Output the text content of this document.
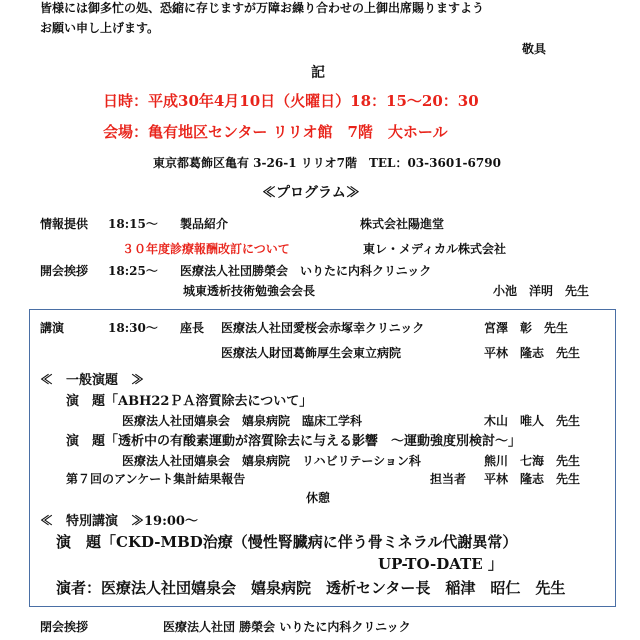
皆様には御多忙の処、恐縮に存じますが万障お繰り合わせの上御出席賜りますよう
お願い申し上げます。
敬具
記
日時：平成30年4月10日（火曜日）18：15〜20：30
会場：亀有地区センター リリオ館　7階　大ホール
東京都葛飾区亀有 3-26-1 リリオ7階　TEL：03-3601-6790
≪プログラム≫
情報提供 18:15〜 製品紹介	株式会社陽進堂
３０年度診療報酬改訂について	東レ・メディカル株式会社
開会挨拶 18:25〜 医療法人社団勝榮会　いりたに内科クリニック
城東透析技術勉強会会長	小池　洋明　先生
講演	18:30〜 座長 医療法人社団愛桜会赤塚幸クリニック	宮澤　彰　先生
医療法人財団葛飾厚生会東立病院	平林　隆志　先生
≪　一般演題　≫
演　題「ABH22ＰＡ溶質除去について」
医療法人社団嬉泉会　嬉泉病院　臨床工学科	木山　唯人　先生
演　題「透析中の有酸素運動が溶質除去に与える影響　〜運動強度別検討〜」
医療法人社団嬉泉会　嬉泉病院　リハビリテーション科	熊川　七海　先生
第７回のアンケート集計結果報告	担当者 平林　隆志　先生
休憩
≪　特別講演　≫19:00〜
演　題「CKD-MBD治療（慢性腎臓病に伴う骨ミネラル代謝異常）
UP-TO-DATE 」
演者：医療法人社団嬉泉会　嬉泉病院　透析センター長　稲津　昭仁　先生
閉会挨拶	医療法人社団 勝榮会 いりたに内科クリニック
